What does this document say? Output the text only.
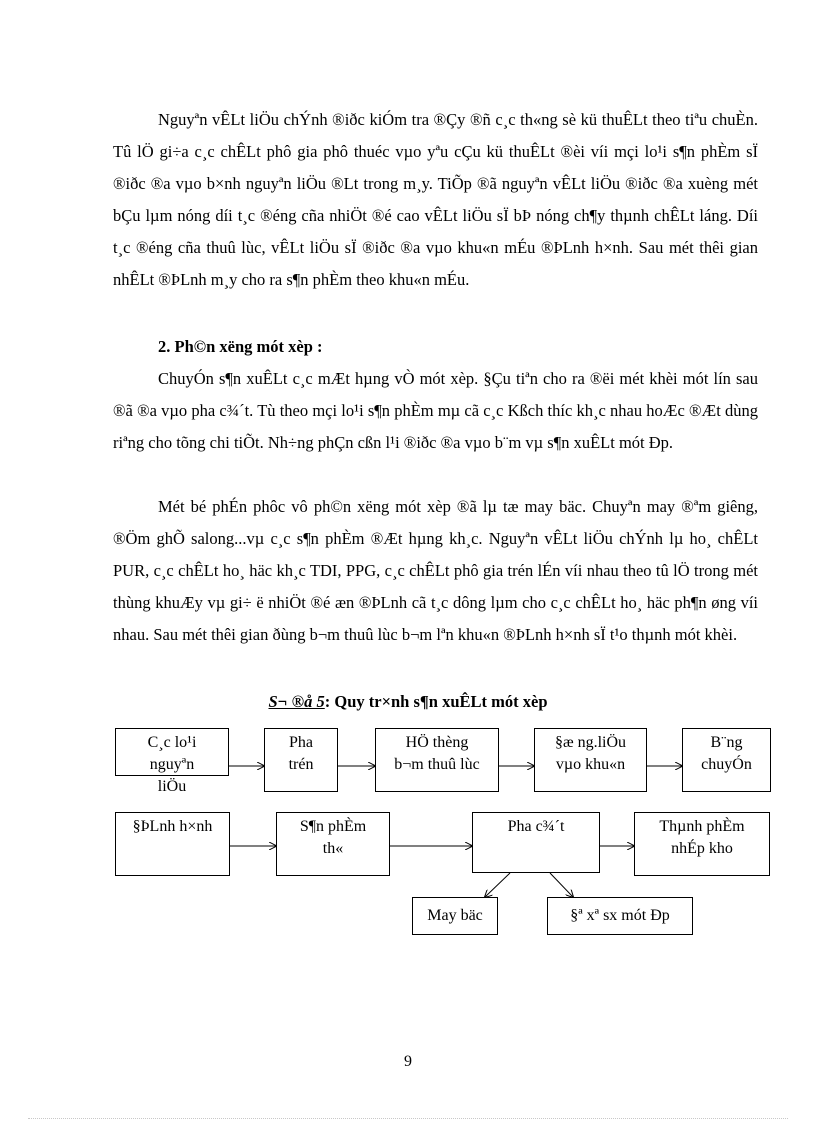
Nguyªn vÊLt liÖu chÝnh ®iðc kiÓm tra ®Çy ®ñ c¸c th«ng sè kü thuÊLt theo tiªu chuÈn. Tû lÖ gi÷a c¸c chÊLt phô gia phô thuéc vµo yªu cÇu kü thuÊLt ®èi víi mçi lo¹i s¶n phÈm sÏ ®iðc ®a vµo b×nh nguyªn liÖu ®Lt trong m¸y. TiÕp ®ã nguyªn vÊLt liÖu ®iðc ®a xuèng mét bÇu lµm nóng díi t¸c ®éng cña nhiÖt ®é cao vÊLt liÖu sÏ bÞ nóng ch¶y thµnh chÊLt láng. Díi t¸c ®éng cña thuû lùc, vÊLt liÖu sÏ ®iðc ®a vµo khu«n mÉu ®ÞLnh h×nh. Sau mét thêi gian nhÊLt ®ÞLnh m¸y cho ra s¶n phÈm theo khu«n mÉu.

2. Ph©n xëng mót xèp :

ChuyÓn s¶n xuÊLt c¸c mÆt hµng vÒ mót xèp. §Çu tiªn cho ra ®ëi mét khèi mót lín sau ®ã ®a vµo pha c¾´t. Tù theo mçi lo¹i s¶n phÈm mµ cã c¸c Kßch thíc kh¸c nhau hoÆc ®Æt dùng riªng cho tõng chi tiÕt. Nh÷ng phÇn cßn l¹i ®iðc ®a vµo b¨m vµ s¶n xuÊLt mót Ðp.

Mét bé phÉn phôc vô ph©n xëng mót xèp ®ã lµ tæ may bäc. Chuyªn may ®ªm giêng, ®Öm ghÕ salong...vµ c¸c s¶n phÈm ®Æt hµng kh¸c. Nguyªn vÊLt liÖu chÝnh lµ ho¸ chÊLt PUR, c¸c chÊLt ho¸ häc kh¸c TDI, PPG, c¸c chÊLt phô gia trén lÉn víi nhau theo tû lÖ trong mét thùng khuÆy vµ gi÷ ë nhiÖt ®é æn ®ÞLnh cã t¸c dông lµm cho c¸c chÊLt ho¸ häc ph¶n øng víi nhau. Sau mét thêi gian ðùng b¬m thuû lùc b¬m lªn khu«n ®ÞLnh h×nh sÏ t¹o thµnh mót khèi.

S¬ ®å 5: Quy tr×nh s¶n xuÊLt mót xèp

C¸c lo¹i
nguyªn
liÖu
Pha
trén
HÖ thèng
b¬m thuû lùc
§æ ng.liÖu
vµo khu«n
B¨ng
chuyÓn
§ÞLnh h×nh	S¶n phÈm
th«
Pha c¾´t	Thµnh phÈm
nhÉp kho
May bäc	§ª xª sx mót Ðp
9
